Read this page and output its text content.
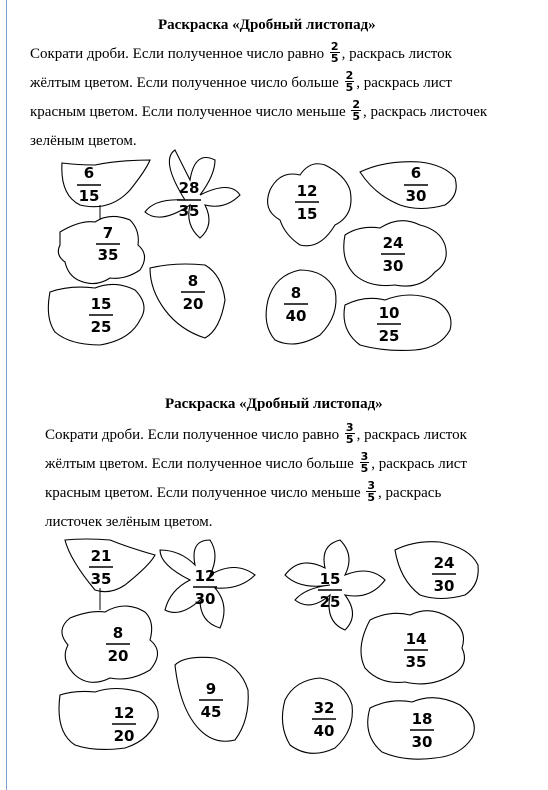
6
15	28
35
7
35
8
20
15
25
12
15
6
30
24
30
8
40	10
25
Раскраска «Дробный листопад»
Сократи дроби. Если полученное число равно $\frac{2}{5}$ , раскрась листок
жёлтым цветом. Если полученное число больше $\frac{2}{5}$ , раскрась лист
красным цветом. Если полученное число меньше $\frac{2}{5}$ , раскрась листочек
зелёным цветом.
21
35	12
30
8
20
9
45
12
20
15
25
24
30
14
35
32
40
18
30
Раскраска «Дробный листопад»
Сократи дроби. Если полученное число равно $\frac{3}{5}$ , раскрась листок
жёлтым цветом. Если полученное число больше $\frac{3}{5}$ , раскрась лист
красным цветом. Если полученное число меньше $\frac{3}{5}$ , раскрась
листочек зелёным цветом.
